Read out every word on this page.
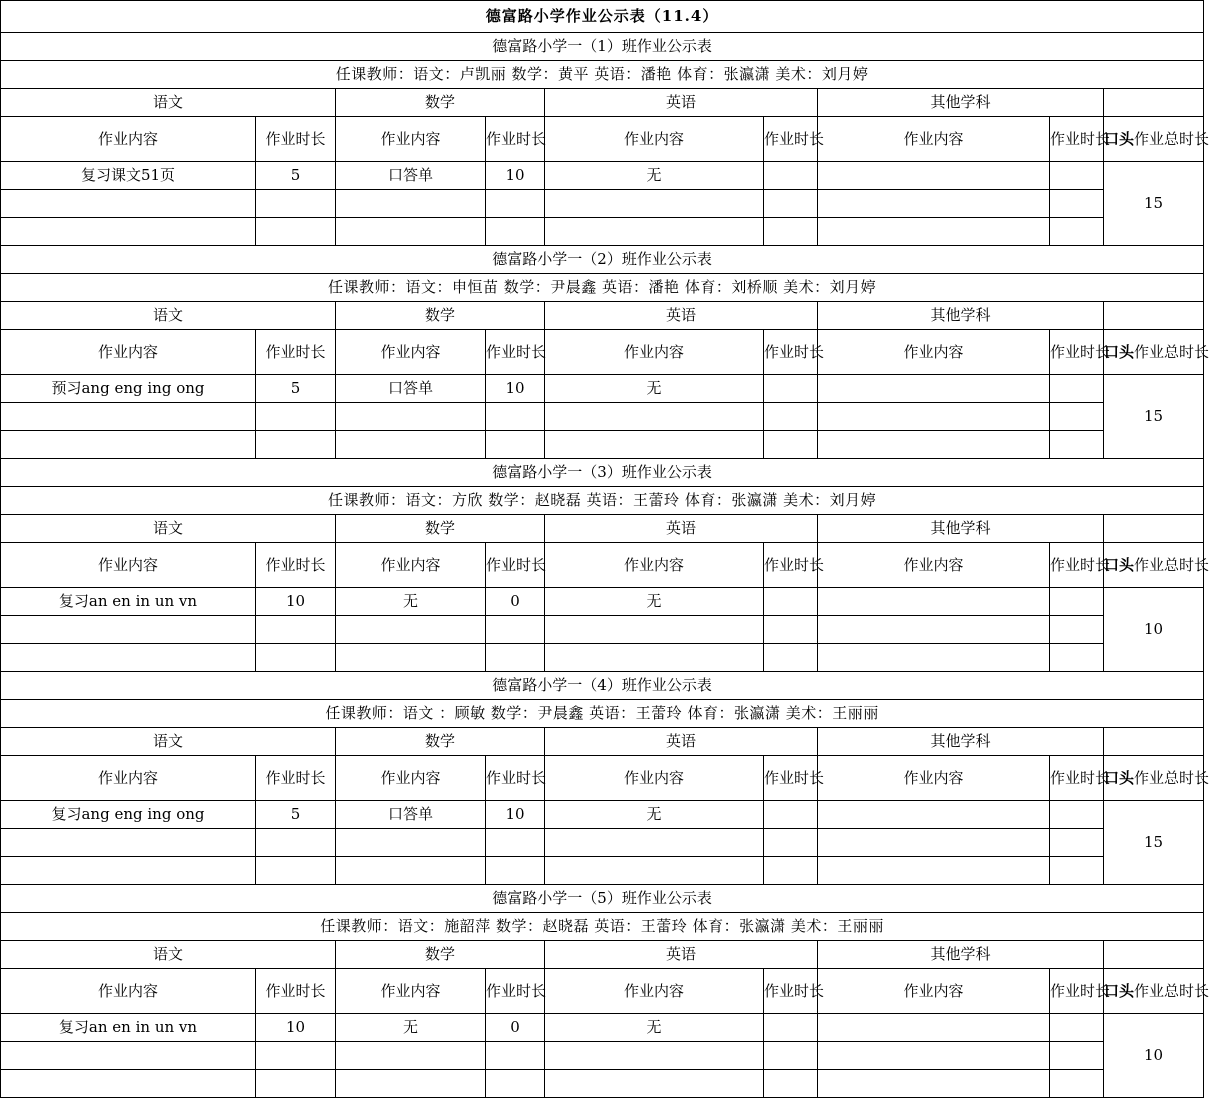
德富路小学作业公示表（11.4）								
德富路小学一（1）班作业公示表								
任课教师：语文：卢凯丽 数学：黄平 英语：潘艳 体育：张瀛潇 美术：刘月婷								
语文		数学		英语		其他学科		
作业内容	作业时长	作业内容	作业时长	作业内容	作业时长	作业内容	作业时长	口头作业总时长
复习课文51页	5	口答单	10	无				15

德富路小学一（2）班作业公示表								
任课教师：语文：申恒苗 数学：尹晨鑫 英语：潘艳 体育：刘桥顺 美术：刘月婷								
语文		数学		英语		其他学科		
作业内容	作业时长	作业内容	作业时长	作业内容	作业时长	作业内容	作业时长	口头作业总时长
预习ang eng ing ong	5	口答单	10	无				15

德富路小学一（3）班作业公示表								
任课教师：语文：方欣 数学：赵晓磊 英语：王蕾玲 体育：张瀛潇 美术：刘月婷								
语文		数学		英语		其他学科		
作业内容	作业时长	作业内容	作业时长	作业内容	作业时长	作业内容	作业时长	口头作业总时长
复习an en in un vn	10	无	0	无				10

德富路小学一（4）班作业公示表								
任课教师：语文 ：顾敏 数学：尹晨鑫 英语：王蕾玲 体育：张瀛潇 美术：王丽丽								
语文		数学		英语		其他学科		
作业内容	作业时长	作业内容	作业时长	作业内容	作业时长	作业内容	作业时长	口头作业总时长
复习ang eng ing ong	5	口答单	10	无				15

德富路小学一（5）班作业公示表								
任课教师：语文：施韶萍 数学：赵晓磊 英语：王蕾玲 体育：张瀛潇 美术：王丽丽								
语文		数学		英语		其他学科		
作业内容	作业时长	作业内容	作业时长	作业内容	作业时长	作业内容	作业时长	口头作业总时长
复习an en in un vn	10	无	0	无				10
